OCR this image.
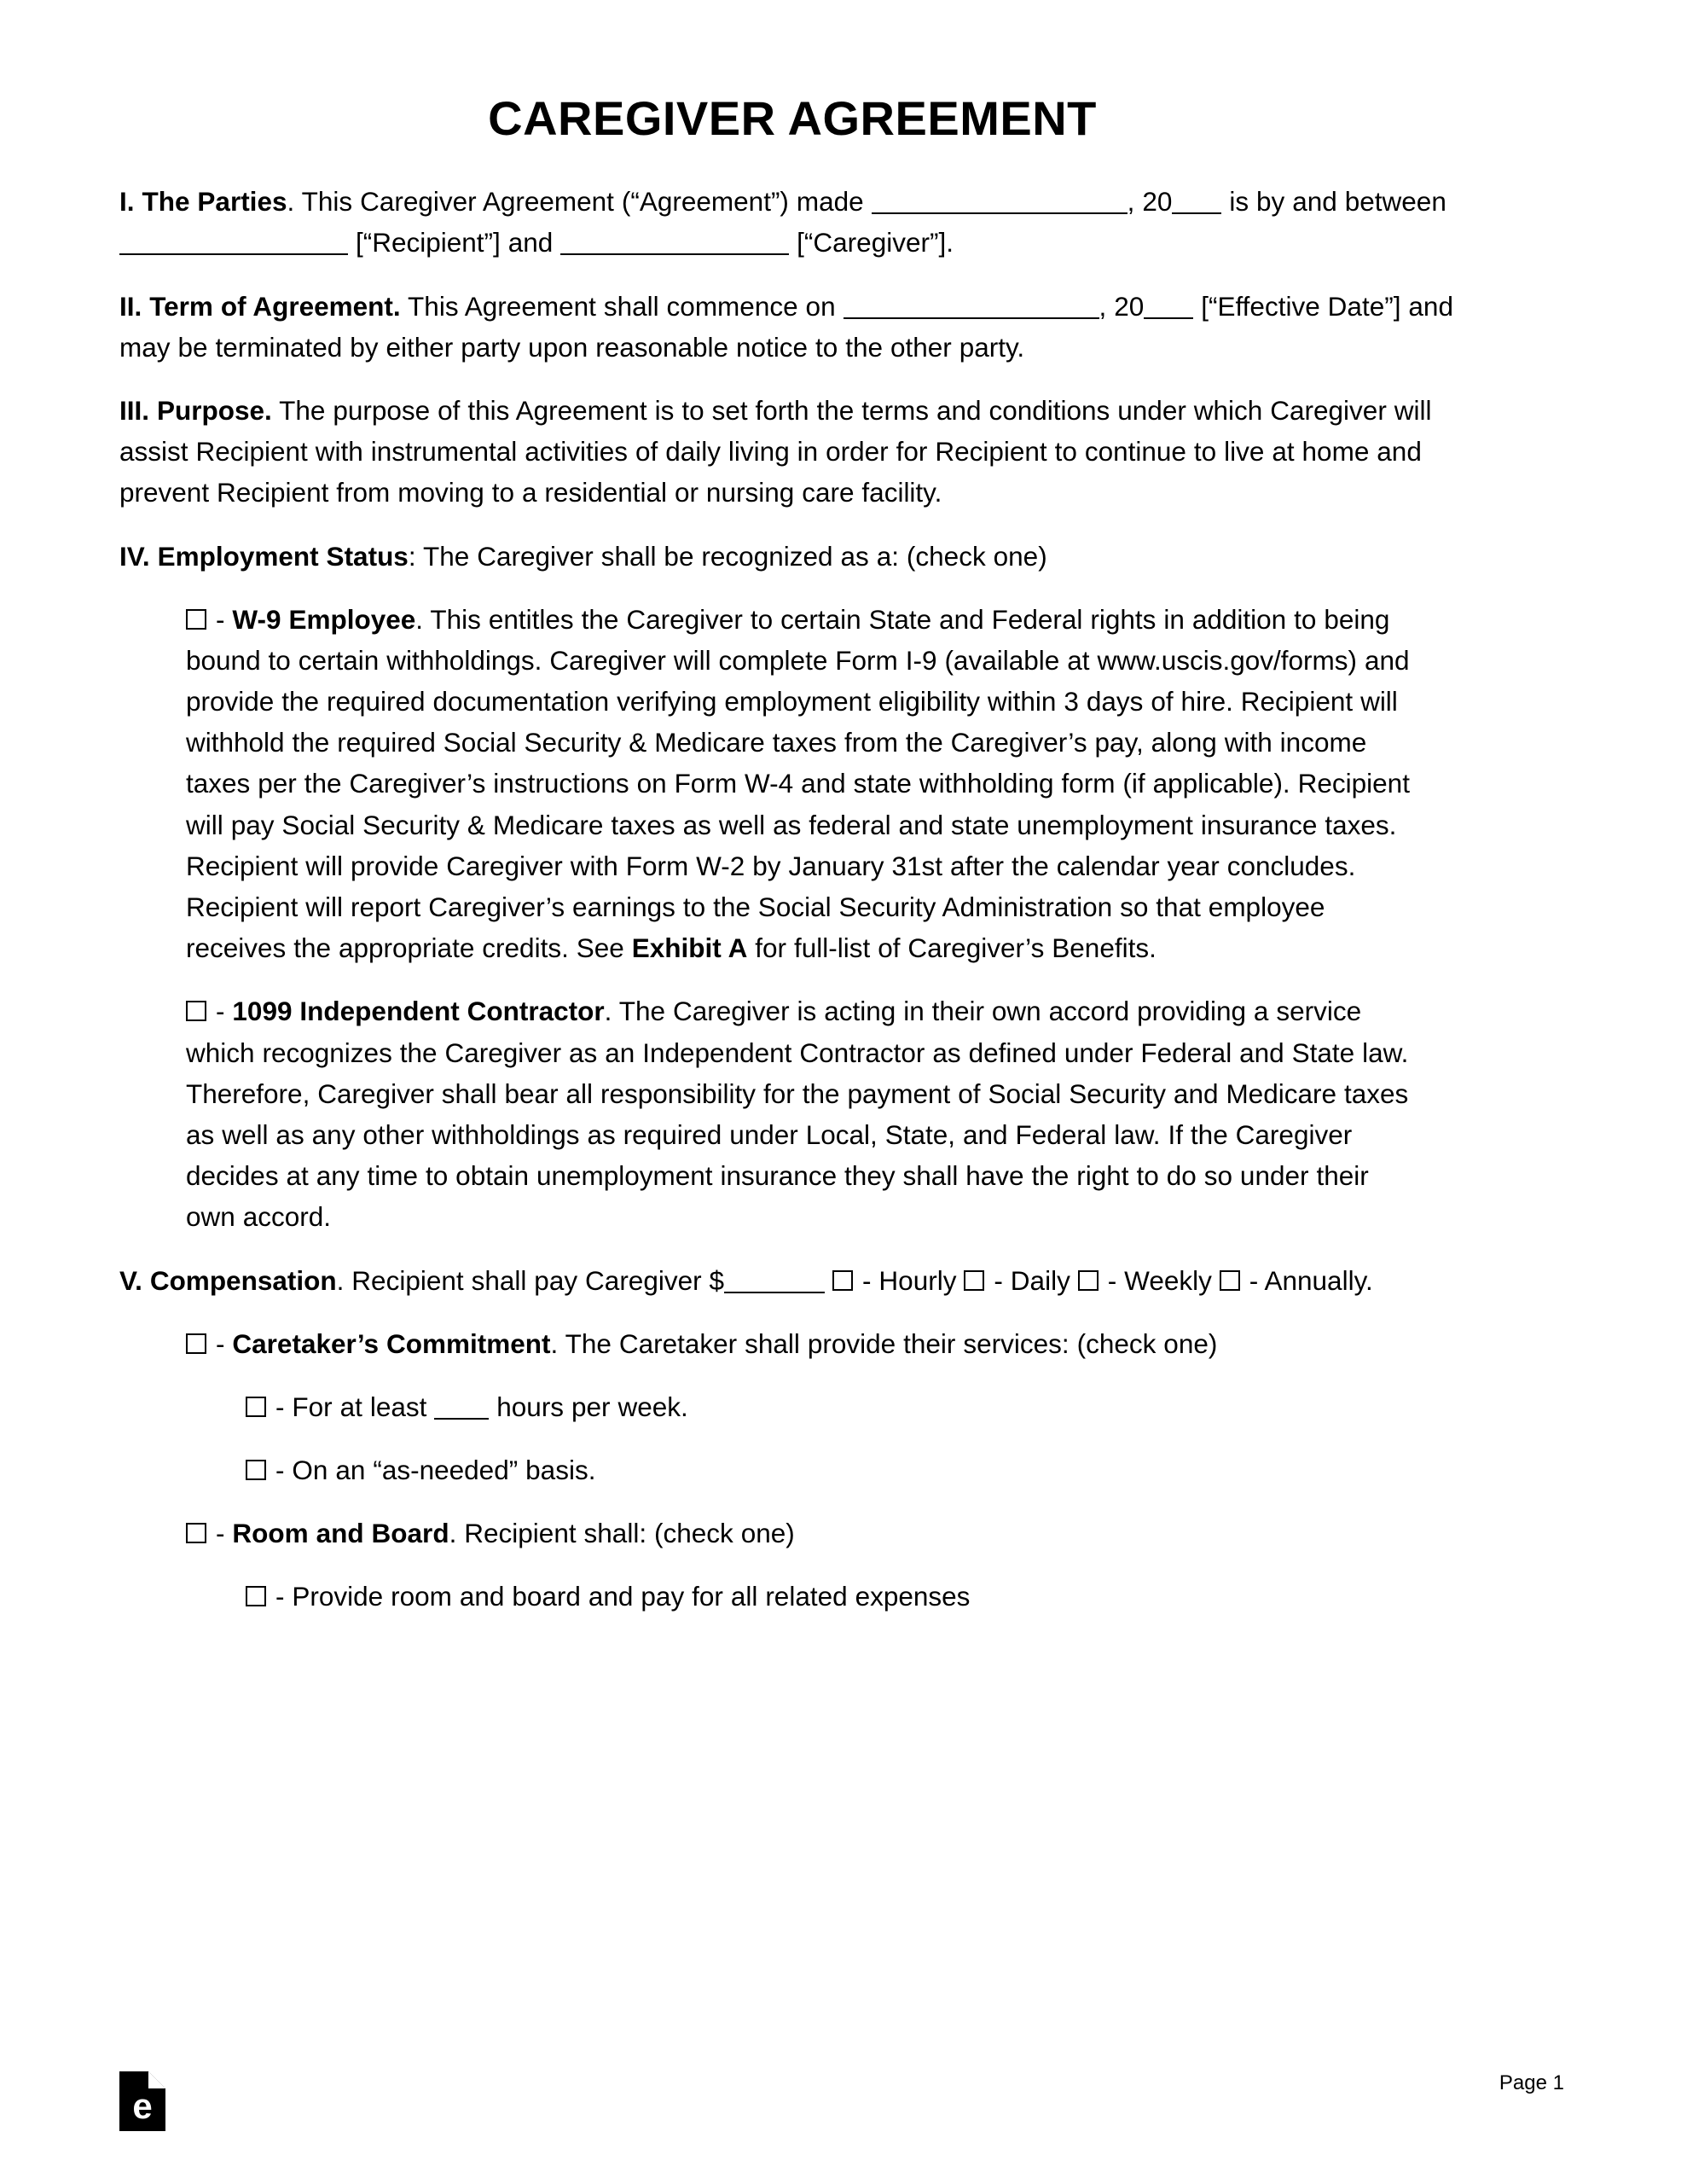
CAREGIVER AGREEMENT

I. The Parties. This Caregiver Agreement (“Agreement”) made	, 20 is by and between  [“Recipient”] and	[“Caregiver”].

II. Term of Agreement. This Agreement shall commence on	, 20 [“Effective Date”] and may be terminated by either party upon reasonable notice to the other party.

III. Purpose. The purpose of this Agreement is to set forth the terms and conditions under which Caregiver will assist Recipient with instrumental activities of daily living in order for Recipient to continue to live at home and prevent Recipient from moving to a residential or nursing care facility.

IV. Employment Status: The Caregiver shall be recognized as a: (check one)

- W-9 Employee. This entitles the Caregiver to certain State and Federal rights in addition to being bound to certain withholdings. Caregiver will complete Form I-9 (available at www.uscis.gov/forms) and provide the required documentation verifying employment eligibility within 3 days of hire. Recipient will withhold the required Social Security & Medicare taxes from the Caregiver’s pay, along with income taxes per the Caregiver’s instructions on Form W-4 and state withholding form (if applicable). Recipient will pay Social Security & Medicare taxes as well as federal and state unemployment insurance taxes. Recipient will provide Caregiver with Form W-2 by January 31st after the calendar year concludes. Recipient will report Caregiver’s earnings to the Social Security Administration so that employee receives the appropriate credits. See Exhibit A for full-list of Caregiver’s Benefits.

- 1099 Independent Contractor. The Caregiver is acting in their own accord providing a service which recognizes the Caregiver as an Independent Contractor as defined under Federal and State law. Therefore, Caregiver shall bear all responsibility for the payment of Social Security and Medicare taxes as well as any other withholdings as required under Local, State, and Federal law. If the Caregiver decides at any time to obtain unemployment insurance they shall have the right to do so under their own accord.

V. Compensation. Recipient shall pay Caregiver $	- Hourly - Daily - Weekly - Annually.

- Caretaker’s Commitment. The Caretaker shall provide their services: (check one)

- For at least  hours per week.

- On an “as-needed” basis.

- Room and Board. Recipient shall: (check one)

- Provide room and board and pay for all related expenses

e
Page 1
